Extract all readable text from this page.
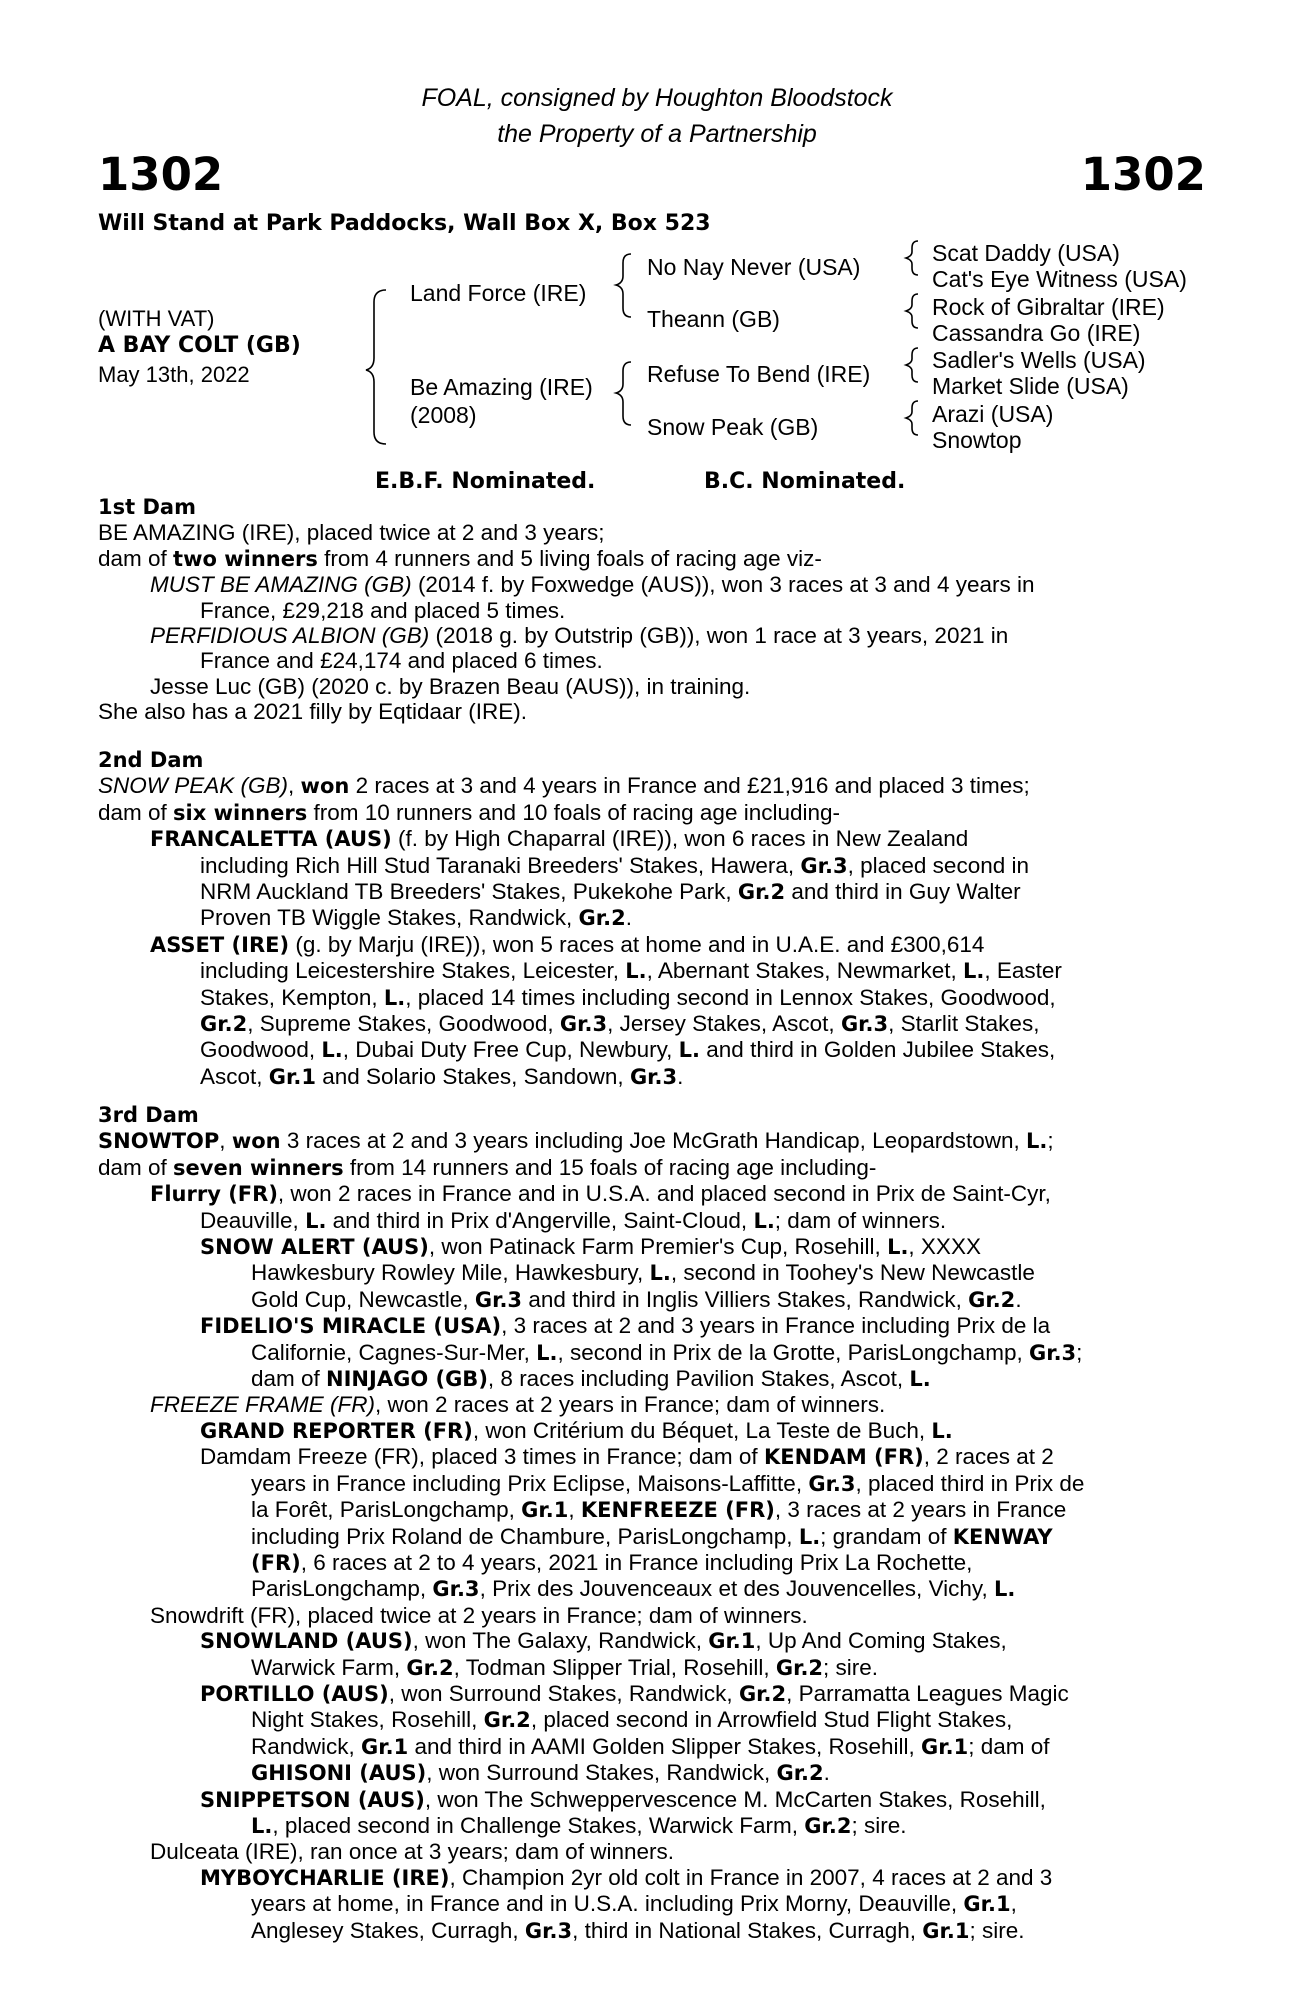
FOAL, consigned by Houghton Bloodstock
the Property of a Partnership
1302	1302
Will Stand at Park Paddocks, Wall Box X, Box 523
(WITH VAT)
A BAY COLT (GB)
May 13th, 2022
Land Force (IRE)
Be Amazing (IRE)
(2008)
No Nay Never (USA)
Theann (GB)
Refuse To Bend (IRE)
Snow Peak (GB)
Scat Daddy (USA)
Cat's Eye Witness (USA)
Rock of Gibraltar (IRE)
Cassandra Go (IRE)
Sadler's Wells (USA)
Market Slide (USA)
Arazi (USA)
Snowtop
E.B.F. Nominated.	B.C. Nominated.
1st Dam
BE AMAZING (IRE), placed twice at 2 and 3 years;
dam of two winners from 4 runners and 5 living foals of racing age viz-
MUST BE AMAZING (GB) (2014 f. by Foxwedge (AUS)), won 3 races at 3 and 4 years in
France, £29,218 and placed 5 times.
PERFIDIOUS ALBION (GB) (2018 g. by Outstrip (GB)), won 1 race at 3 years, 2021 in
France and £24,174 and placed 6 times.
Jesse Luc (GB) (2020 c. by Brazen Beau (AUS)), in training.
She also has a 2021 filly by Eqtidaar (IRE).
2nd Dam
SNOW PEAK (GB), won 2 races at 3 and 4 years in France and £21,916 and placed 3 times;
dam of six winners from 10 runners and 10 foals of racing age including-
FRANCALETTA (AUS) (f. by High Chaparral (IRE)), won 6 races in New Zealand
including Rich Hill Stud Taranaki Breeders' Stakes, Hawera, Gr.3, placed second in
NRM Auckland TB Breeders' Stakes, Pukekohe Park, Gr.2 and third in Guy Walter
Proven TB Wiggle Stakes, Randwick, Gr.2.
ASSET (IRE) (g. by Marju (IRE)), won 5 races at home and in U.A.E. and £300,614
including Leicestershire Stakes, Leicester, L., Abernant Stakes, Newmarket, L., Easter
Stakes, Kempton, L., placed 14 times including second in Lennox Stakes, Goodwood,
Gr.2, Supreme Stakes, Goodwood, Gr.3, Jersey Stakes, Ascot, Gr.3, Starlit Stakes,
Goodwood, L., Dubai Duty Free Cup, Newbury, L. and third in Golden Jubilee Stakes,
Ascot, Gr.1 and Solario Stakes, Sandown, Gr.3.
3rd Dam
SNOWTOP, won 3 races at 2 and 3 years including Joe McGrath Handicap, Leopardstown, L.;
dam of seven winners from 14 runners and 15 foals of racing age including-
Flurry (FR), won 2 races in France and in U.S.A. and placed second in Prix de Saint-Cyr,
Deauville, L. and third in Prix d'Angerville, Saint-Cloud, L.; dam of winners.
SNOW ALERT (AUS), won Patinack Farm Premier's Cup, Rosehill, L., XXXX
Hawkesbury Rowley Mile, Hawkesbury, L., second in Toohey's New Newcastle
Gold Cup, Newcastle, Gr.3 and third in Inglis Villiers Stakes, Randwick, Gr.2.
FIDELIO'S MIRACLE (USA), 3 races at 2 and 3 years in France including Prix de la
Californie, Cagnes-Sur-Mer, L., second in Prix de la Grotte, ParisLongchamp, Gr.3;
dam of NINJAGO (GB), 8 races including Pavilion Stakes, Ascot, L.
FREEZE FRAME (FR), won 2 races at 2 years in France; dam of winners.
GRAND REPORTER (FR), won Critérium du Béquet, La Teste de Buch, L.
Damdam Freeze (FR), placed 3 times in France; dam of KENDAM (FR), 2 races at 2
years in France including Prix Eclipse, Maisons-Laffitte, Gr.3, placed third in Prix de
la Forêt, ParisLongchamp, Gr.1, KENFREEZE (FR), 3 races at 2 years in France
including Prix Roland de Chambure, ParisLongchamp, L.; grandam of KENWAY
(FR), 6 races at 2 to 4 years, 2021 in France including Prix La Rochette,
ParisLongchamp, Gr.3, Prix des Jouvenceaux et des Jouvencelles, Vichy, L.
Snowdrift (FR), placed twice at 2 years in France; dam of winners.
SNOWLAND (AUS), won The Galaxy, Randwick, Gr.1, Up And Coming Stakes,
Warwick Farm, Gr.2, Todman Slipper Trial, Rosehill, Gr.2; sire.
PORTILLO (AUS), won Surround Stakes, Randwick, Gr.2, Parramatta Leagues Magic
Night Stakes, Rosehill, Gr.2, placed second in Arrowfield Stud Flight Stakes,
Randwick, Gr.1 and third in AAMI Golden Slipper Stakes, Rosehill, Gr.1; dam of
GHISONI (AUS), won Surround Stakes, Randwick, Gr.2.
SNIPPETSON (AUS), won The Schweppervescence M. McCarten Stakes, Rosehill,
L., placed second in Challenge Stakes, Warwick Farm, Gr.2; sire.
Dulceata (IRE), ran once at 3 years; dam of winners.
MYBOYCHARLIE (IRE), Champion 2yr old colt in France in 2007, 4 races at 2 and 3
years at home, in France and in U.S.A. including Prix Morny, Deauville, Gr.1,
Anglesey Stakes, Curragh, Gr.3, third in National Stakes, Curragh, Gr.1; sire.
